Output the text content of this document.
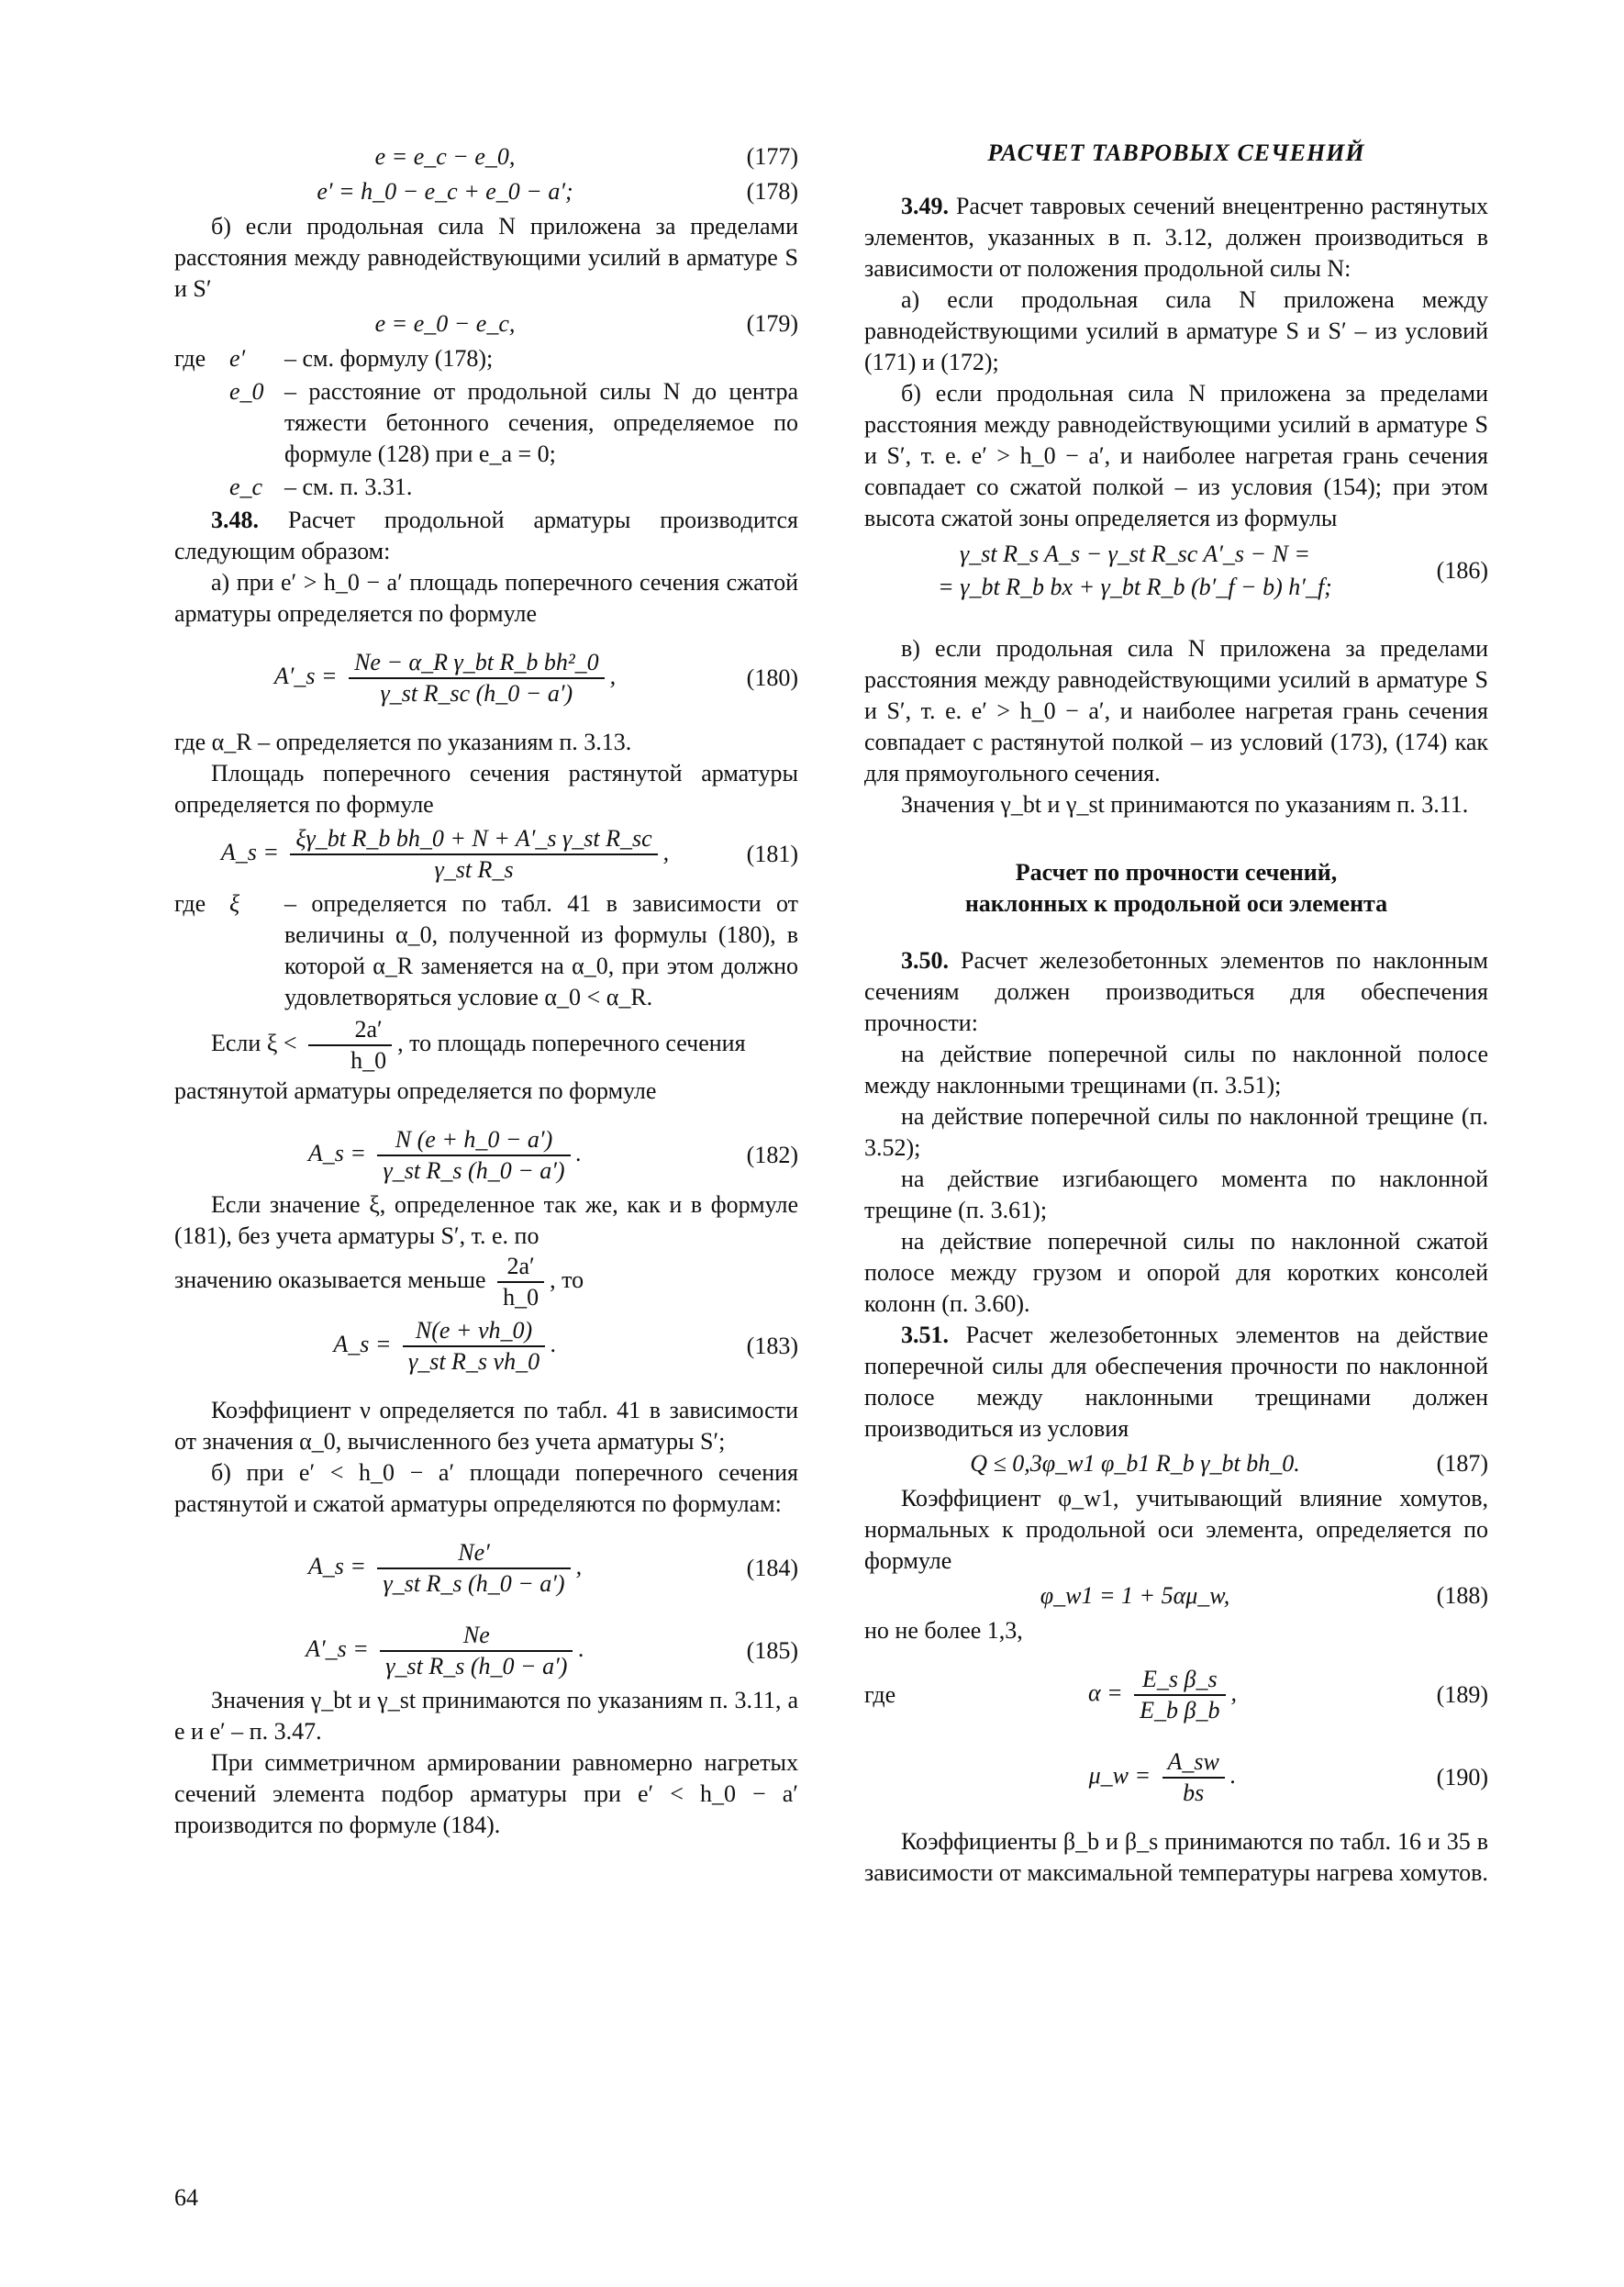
e = e_c − e_0,	(177)
e′ = h_0 − e_c + e_0 − a′;	(178)

б) если продольная сила N приложена за пределами расстояния между равнодействующими усилий в арматуре S и S′

e = e_0 − e_c,	(179)
где e′	– см. формулу (178);
e_0 – расстояние от продольной силы N до центра тяжести бетонного сечения, определяемое по формуле (128) при e_a = 0;
e_c – см. п. 3.31.

3.48. Расчет продольной арматуры производится следующим образом:

а) при e′ > h_0 − a′ площадь поперечного сечения сжатой арматуры определяется по формуле

A′_s = $\frac{\text{Ne − α\_R γ\_bt R\_b bh²\_0}}{\text{γ\_st R\_sc (h\_0 − a′)}}$ ,	(180)

где α_R – определяется по указаниям п. 3.13.

Площадь поперечного сечения растянутой арматуры определяется по формуле

A_s = $\frac{\text{ξγ\_bt R\_b bh\_0 + N + A′\_s γ\_st R\_sc}}{\text{γ\_st R\_s}}$ ,	(181)
где ξ	– определяется по табл. 41 в зависимости от величины α_0, полученной из формулы (180), в которой α_R заменяется на α_0, при этом должно удовлетворяться условие α_0 < α_R.

Если $\xi < \frac{2a'}{h\_0}$ , то площадь поперечного сечения

растянутой арматуры определяется по формуле

A_s = $\frac{N (e + h\_0 - a')}{\text{γ\_st R\_s (h\_0 − a′)}}$ .	(182)

Если значение ξ, определенное так же, как и в формуле (181), без учета арматуры S′, т. е. по

значению оказывается меньше $\frac{2a'}{h\_0}$ , то

A_s = $\frac{N(e + \nu h\_0)}{\text{γ\_st R\_s νh\_0}}$ .	(183)

Коэффициент ν определяется по табл. 41 в зависимости от значения α_0, вычисленного без учета арматуры S′;

б) при e′ < h_0 − a′ площади поперечного сечения растянутой и сжатой арматуры определяются по формулам:

A_s = $\frac{Ne'}{\text{γ\_st R\_s (h\_0 − a′)}}$ ,	(184)
A′_s = $\frac{Ne}{\text{γ\_st R\_s (h\_0 − a′)}}$ .	(185)

Значения γ_bt и γ_st принимаются по указаниям п. 3.11, а e и e′ – п. 3.47.

При симметричном армировании равномерно нагретых сечений элемента подбор арматуры при e′ < h_0 − a′ производится по формуле (184).

РАСЧЕТ ТАВРОВЫХ СЕЧЕНИЙ

3.49. Расчет тавровых сечений внецентренно растянутых элементов, указанных в п. 3.12, должен производиться в зависимости от положения продольной силы N:

а) если продольная сила N приложена между равнодействующими усилий в арматуре S и S′ – из условий (171) и (172);

б) если продольная сила N приложена за пределами расстояния между равнодействующими усилий в арматуре S и S′, т. е. e′ > h_0 − a′, и наиболее нагретая грань сечения совпадает со сжатой полкой – из условия (154); при этом высота сжатой зоны определяется из формулы

γ_st R_s A_s − γ_st R_sc A′_s − N =
= γ_bt R_b bx + γ_bt R_b (b′_f − b) h′_f;
(186)

в) если продольная сила N приложена за пределами расстояния между равнодействующими усилий в арматуре S и S′, т. е. e′ > h_0 − a′, и наиболее нагретая грань сечения совпадает с растянутой полкой – из условий (173), (174) как для прямоугольного сечения.

Значения γ_bt и γ_st принимаются по указаниям п. 3.11.

Расчет по прочности сечений,
наклонных к продольной оси элемента

3.50. Расчет железобетонных элементов по наклонным сечениям должен производиться для обеспечения прочности:

на действие поперечной силы по наклонной полосе между наклонными трещинами (п. 3.51);

на действие поперечной силы по наклонной трещине (п. 3.52);

на действие изгибающего момента по наклонной трещине (п. 3.61);

на действие поперечной силы по наклонной сжатой полосе между грузом и опорой для коротких консолей колонн (п. 3.60).

3.51. Расчет железобетонных элементов на действие поперечной силы для обеспечения прочности по наклонной полосе между наклонными трещинами должен производиться из условия

Q ≤ 0,3φ_w1 φ_b1 R_b γ_bt bh_0.	(187)

Коэффициент φ_w1, учитывающий влияние хомутов, нормальных к продольной оси элемента, определяется по формуле

φ_w1 = 1 + 5αμ_w,	(188)

но не более 1,3,

где	$\alpha = \frac{\text{E\_s β\_s}}{\text{E\_b β\_b}}$ ,	(189)
μ_w = $\frac{A\_sw}{bs}$ .	(190)

Коэффициенты β_b и β_s принимаются по табл. 16 и 35 в зависимости от максимальной температуры нагрева хомутов.

64
